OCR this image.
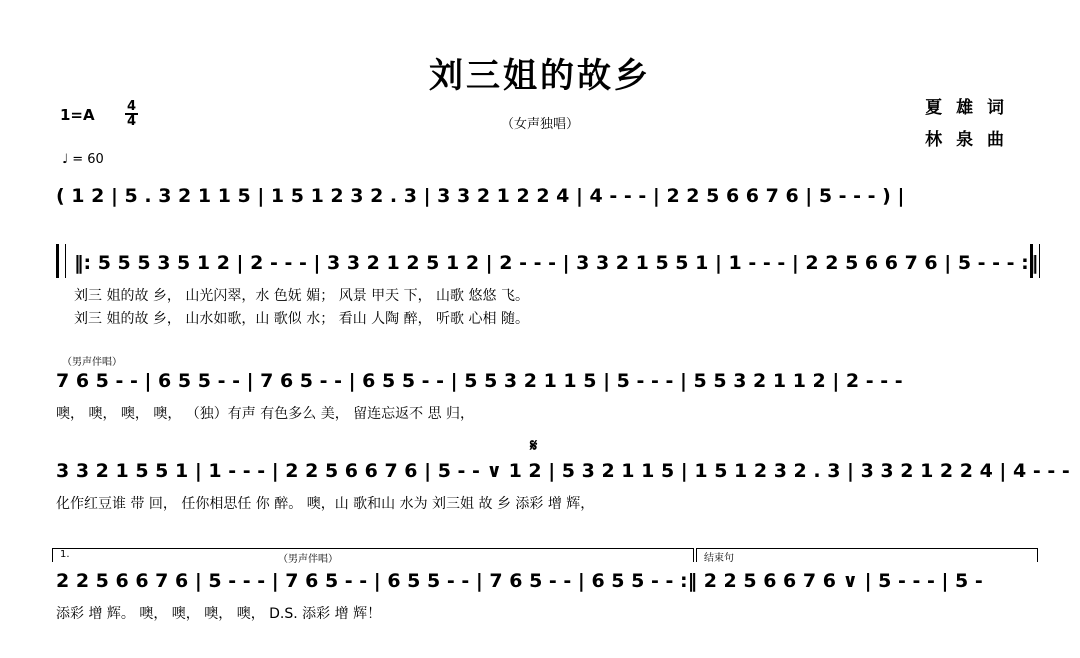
刘三姐的故乡
（女声独唱）
$1=A \frac{4}{4}$
♩ = 60
夏 雄 词
林 泉 曲
( 1 2 | 5 . 3 2 1 1 5 | 1 5 1 2 3 2 . 3 | 3 3 2 1 2 2 4 | 4 - - - | 2 2 5 6 6 7 6 | 5 - - - ) |
‖: 5 5 5 3 5 1 2 | 2 - - - | 3 3 2 1 2 5 1 2 | 2 - - - | 3 3 2 1 5 5 1 | 1 - - - | 2 2 5 6 6 7 6 | 5 - - - :‖
刘三 姐的故 乡， 山光闪翠，水 色妩 媚； 风景 甲天 下， 山歌 悠悠 飞。
刘三 姐的故 乡， 山水如歌，山 歌似 水； 看山 人陶 醉， 听歌 心相 随。
（男声伴唱）
7 6 5 - - | 6 5 5 - - | 7 6 5 - - | 6 5 5 - - | 5 5 3 2 1 1 5 | 5 - - - | 5 5 3 2 1 1 2 | 2 - - -
噢， 噢， 噢， 噢， （独）有声 有色多么 美， 留连忘返不 思 归，
𝄋
3 3 2 1 5 5 1 | 1 - - - | 2 2 5 6 6 7 6 | 5 - - ∨ 1 2 | 5 3 2 1 1 5 | 1 5 1 2 3 2 . 3 | 3 3 2 1 2 2 4 | 4 - - -
化作红豆谁 带 回， 任你相思任 你 醉。 噢，山 歌和山 水为 刘三姐 故 乡 添彩 增 辉，
1.	（男声伴唱）	结束句
2 2 5 6 6 7 6 | 5 - - - | 7 6 5 - - | 6 5 5 - - | 7 6 5 - - | 6 5 5 - - :‖ 2 2 5 6 6 7 6 ∨ | 5 - - - | 5 -
添彩 增 辉。 噢， 噢， 噢， 噢， D.S. 添彩 增 辉！
